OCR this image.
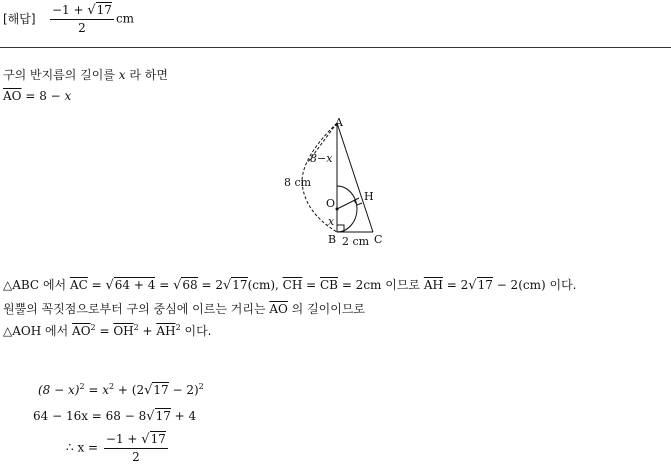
[해답] $\frac{-1 + √17}{2}$ cm
구의 반지름의 길이를 x 라 하면
$\overline{AO} = 8 - x$
A
B	C
O
H
8 cm
8−x
x
2 cm
△ABC 에서 $\overline{AC} = √64 + 4 = √68 = 2√17(cm)$, $\overline{CH} = \overline{CB} = 2cm$ 이므로 $\overline{AH} = 2√17 - 2(cm)$ 이다.
원뿔의 꼭짓점으로부터 구의 중심에 이르는 거리는 $\overline{AO}$ 의 길이이므로
△AOH 에서 $\overline{AO}^2 = \overline{OH}^2 + \overline{AH}^2$ 이다.
$(8 - x)^2 = x^2 + (2√17 - 2)^2$
64 − 16x = 68 − 8√17 + 4
∴ $x = \frac{-1 + √17}{2}$
